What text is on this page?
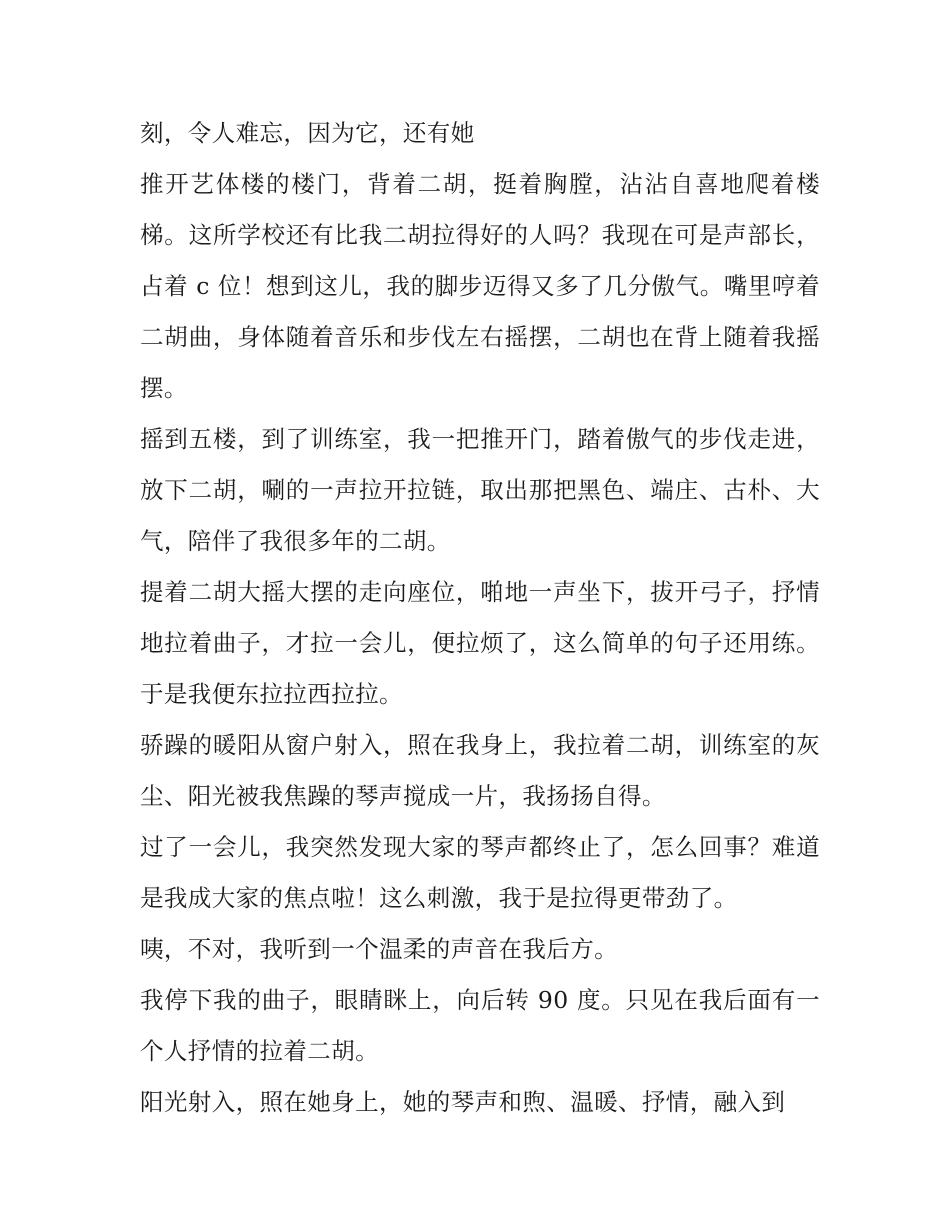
刻，令人难忘，因为它，还有她

推开艺体楼的楼门，背着二胡，挺着胸膛，沾沾自喜地爬着楼梯。这所学校还有比我二胡拉得好的人吗？我现在可是声部长，占着 c 位！想到这儿，我的脚步迈得又多了几分傲气。嘴里哼着二胡曲，身体随着音乐和步伐左右摇摆，二胡也在背上随着我摇摆。

摇到五楼，到了训练室，我一把推开门，踏着傲气的步伐走进，放下二胡，唰的一声拉开拉链，取出那把黑色、端庄、古朴、大气，陪伴了我很多年的二胡。

提着二胡大摇大摆的走向座位，啪地一声坐下，拔开弓子，抒情地拉着曲子，才拉一会儿，便拉烦了，这么简单的句子还用练。于是我便东拉拉西拉拉。

骄躁的暖阳从窗户射入，照在我身上，我拉着二胡，训练室的灰尘、阳光被我焦躁的琴声搅成一片，我扬扬自得。

过了一会儿，我突然发现大家的琴声都终止了，怎么回事？难道是我成大家的焦点啦！这么刺激，我于是拉得更带劲了。

咦，不对，我听到一个温柔的声音在我后方。

我停下我的曲子，眼睛眯上，向后转 90 度。只见在我后面有一个人抒情的拉着二胡。

阳光射入，照在她身上，她的琴声和煦、温暖、抒情，融入到
